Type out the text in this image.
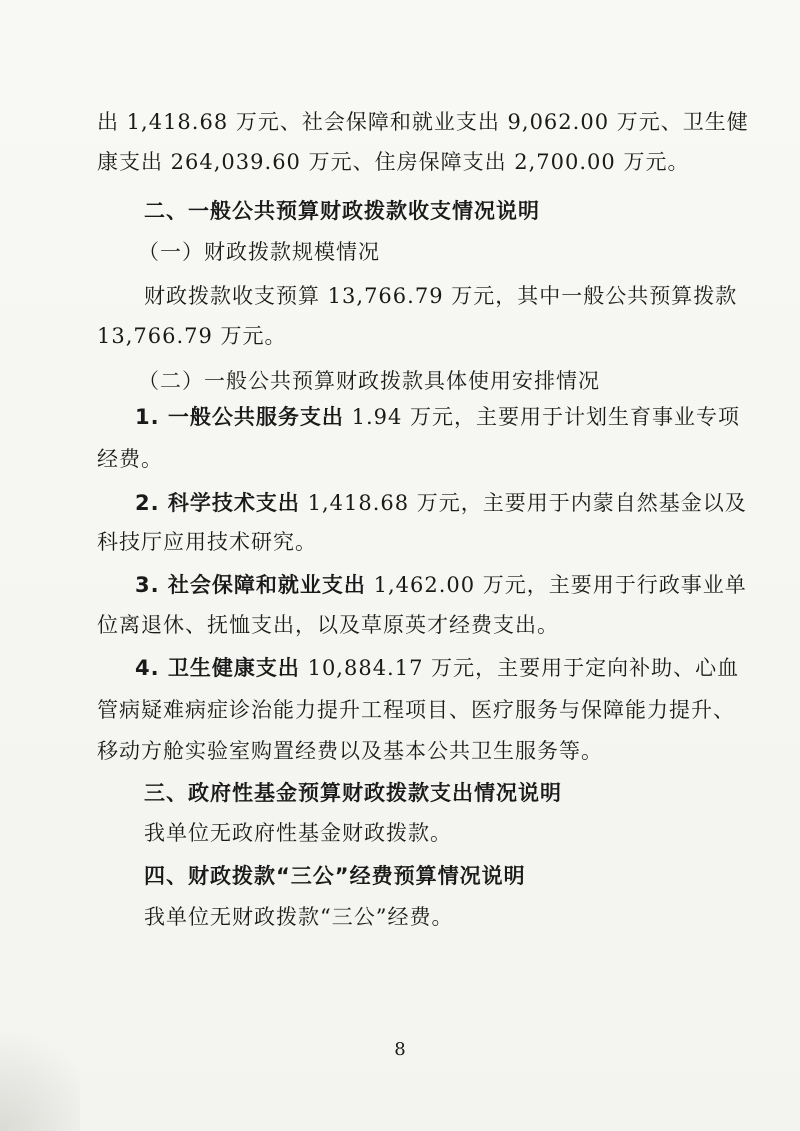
出 1,418.68 万元、社会保障和就业支出 9,062.00 万元、卫生健
康支出 264,039.60 万元、住房保障支出 2,700.00 万元。
二、一般公共预算财政拨款收支情况说明
（一）财政拨款规模情况
财政拨款收支预算 13,766.79 万元，其中一般公共预算拨款
13,766.79 万元。
（二）一般公共预算财政拨款具体使用安排情况
1. 一般公共服务支出 1.94 万元，主要用于计划生育事业专项
经费。
2. 科学技术支出 1,418.68 万元，主要用于内蒙自然基金以及
科技厅应用技术研究。
3. 社会保障和就业支出 1,462.00 万元，主要用于行政事业单
位离退休、抚恤支出，以及草原英才经费支出。
4. 卫生健康支出 10,884.17 万元，主要用于定向补助、心血
管病疑难病症诊治能力提升工程项目、医疗服务与保障能力提升、
移动方舱实验室购置经费以及基本公共卫生服务等。
三、政府性基金预算财政拨款支出情况说明
我单位无政府性基金财政拨款。
四、财政拨款“三公”经费预算情况说明
我单位无财政拨款“三公”经费。
8
